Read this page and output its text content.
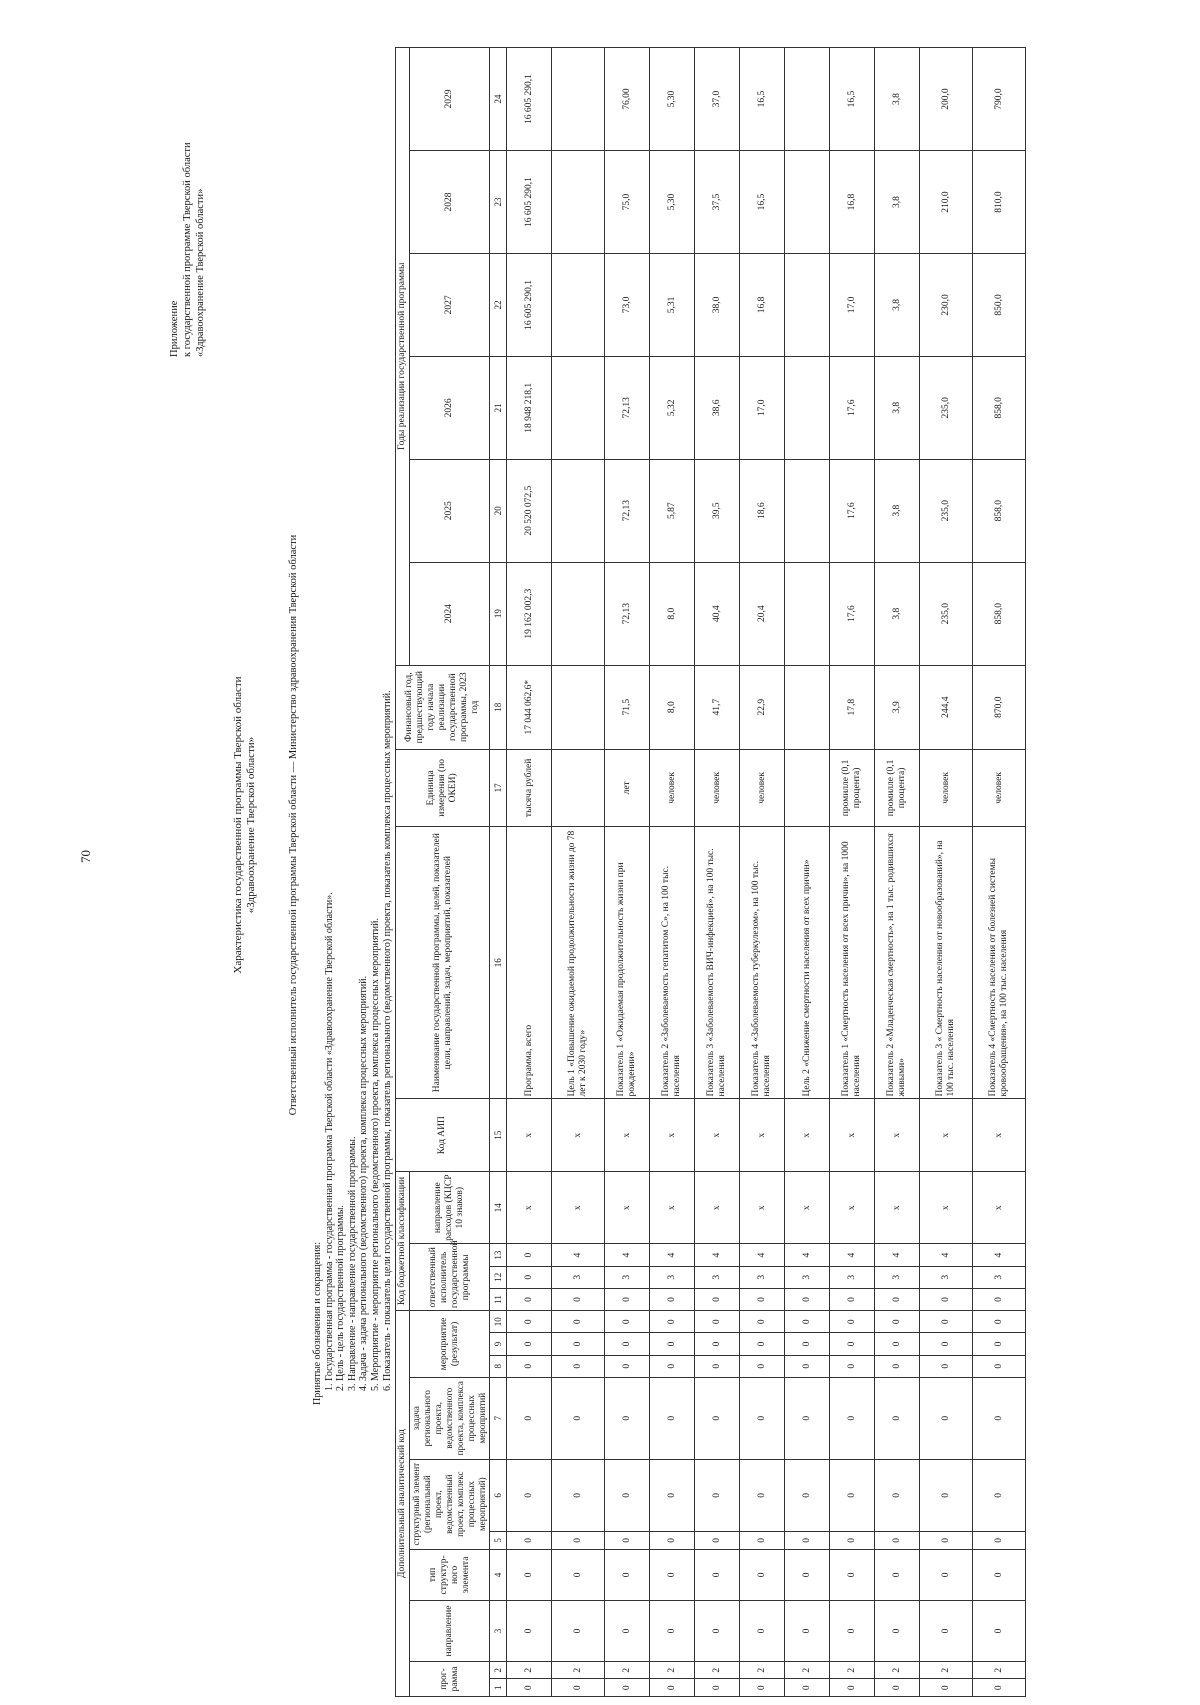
70
Приложение к государственной программе Тверской области «Здравоохранение Тверской области»
Характеристика государственной программы Тверской области «Здравоохранение Тверской области»	Ответственный исполнитель государственной программы Тверской области — Министерство здравоохранения Тверской области
Принятые обозначения и сокращения: 1. Государственная программа - государственная программа Тверской области «Здравоохранение Тверской области». 2. Цель - цель государственной программы. 3. Направление - направление государственной программы. 4. Задача - задача регионального (ведомственного) проекта, комплекса процессных мероприятий. 5. Мероприятие - мероприятие регионального (ведомственного) проекта, комплекса процессных мероприятий. 6. Показатель - показатель цели государственной программы, показатель регионального (ведомственного) проекта, показатель комплекса процессных мероприятий.
Дополнительный аналитический код										Код бюджетной классификации				Код АИП	Наименование государственной программы, целей, показателей цели, направлений, задач, мероприятий, показателей	Единица измерения (по ОКЕИ)	Финансовый год, предшествующий году начала реализации государственной программы, 2023 год	Годы реализации государственной программы					
прог-рамма		направление	тип структур-ного элемента	структурный элемент (региональный проект, ведомственный проект, комплекс процессных мероприятий)		задача регионального проекта, ведомственного проекта, комплекса процессных мероприятий	мероприятие (результат)			ответственный исполнитель государственной программы			направление расходов (КЦСР 10 знаков)					2024	2025	2026	2027	2028	2029

1	2	3	4	5	6	7	8	9	10	11	12	13	14	15	16	17	18	19	20	21	22	23	24
0	2	0	0	0	0	0	0	0	0	0	0	0	x	x	Программа, всего	тысяча рублей	17 044 062,6*	19 162 002,3	20 520 072,5	18 948 218,1	16 605 290,1	16 605 290,1	16 605 290,1
0	2	0	0	0	0	0	0	0	0	0	3	4	x	x	Цель 1 «Повышение ожидаемой продолжительности жизни до 78 лет к 2030 году»								
0	2	0	0	0	0	0	0	0	0	0	3	4	x	x	Показатель 1 «Ожидаемая продолжительность жизни при рождении»	лет	71,5	72,13	72,13	72,13	73,0	75,0	76,00
0	2	0	0	0	0	0	0	0	0	0	3	4	x	x	Показатель 2 «Заболеваемость гепатитом С», на 100 тыс. населения	человек	8,0	8,0	5,87	5,32	5,31	5,30	5,30
0	2	0	0	0	0	0	0	0	0	0	3	4	x	x	Показатель 3 «Заболеваемость ВИЧ-инфекцией», на 100 тыс. населения	человек	41,7	40,4	39,5	38,6	38,0	37,5	37,0
0	2	0	0	0	0	0	0	0	0	0	3	4	x	x	Показатель 4 «Заболеваемость туберкулезом», на 100 тыс. населения	человек	22,9	20,4	18,6	17,0	16,8	16,5	16,5
0	2	0	0	0	0	0	0	0	0	0	3	4	x	x	Цель 2 «Снижение смертности населения от всех причин»								
0	2	0	0	0	0	0	0	0	0	0	3	4	x	x	Показатель 1 «Смертность населения от всех причин», на 1000 населения	промилле (0,1 процента)	17,8	17,6	17,6	17,6	17,0	16,8	16,5
0	2	0	0	0	0	0	0	0	0	0	3	4	x	x	Показатель 2 «Младенческая смертность», на 1 тыс. родившихся живыми»	промилле (0,1 процента)	3,9	3,8	3,8	3,8	3,8	3,8	3,8
0	2	0	0	0	0	0	0	0	0	0	3	4	x	x	Показатель 3 « Смертность населения от новообразований», на 100 тыс. населения	человек	244,4	235,0	235,0	235,0	230,0	210,0	200,0
0	2	0	0	0	0	0	0	0	0	0	3	4	x	x	Показатель 4 «Смертность населения от болезней системы кровообращения», на 100 тыс. населения	человек	870,0	858,0	858,0	858,0	850,0	810,0	790,0
